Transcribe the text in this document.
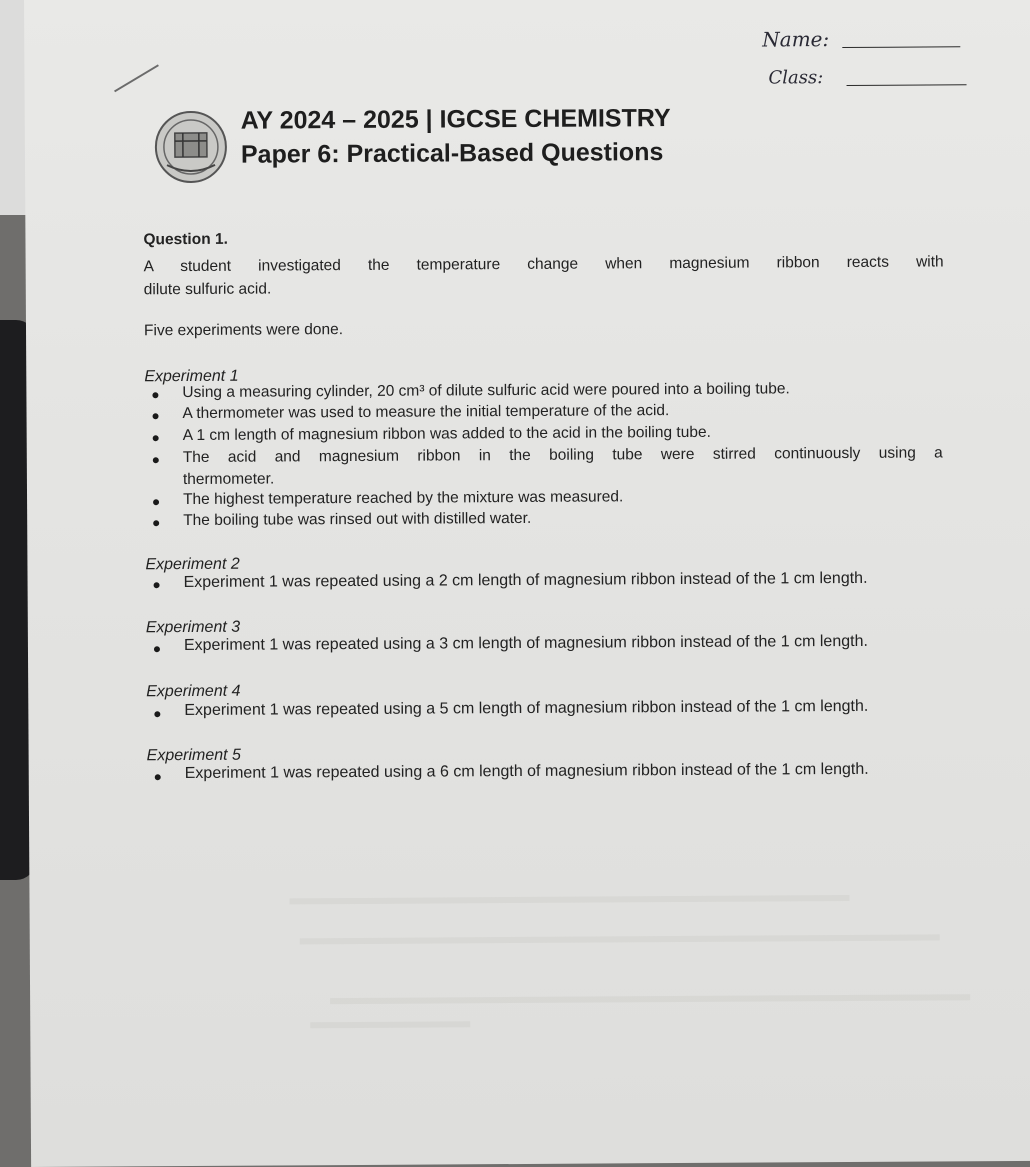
Name:
Class:
AY 2024 – 2025 | IGCSE CHEMISTRY
Paper 6: Practical-Based Questions
Question 1.
A student investigated the temperature change when magnesium ribbon reacts with
dilute sulfuric acid.
Five experiments were done.
Experiment 1
Using a measuring cylinder, 20 cm³ of dilute sulfuric acid were poured into a boiling tube.
A thermometer was used to measure the initial temperature of the acid.
A 1 cm length of magnesium ribbon was added to the acid in the boiling tube.
The acid and magnesium ribbon in the boiling tube were stirred continuously using a
thermometer.
The highest temperature reached by the mixture was measured.
The boiling tube was rinsed out with distilled water.
Experiment 2
Experiment 1 was repeated using a 2 cm length of magnesium ribbon instead of the 1 cm length.
Experiment 3
Experiment 1 was repeated using a 3 cm length of magnesium ribbon instead of the 1 cm length.
Experiment 4
Experiment 1 was repeated using a 5 cm length of magnesium ribbon instead of the 1 cm length.
Experiment 5
Experiment 1 was repeated using a 6 cm length of magnesium ribbon instead of the 1 cm length.
